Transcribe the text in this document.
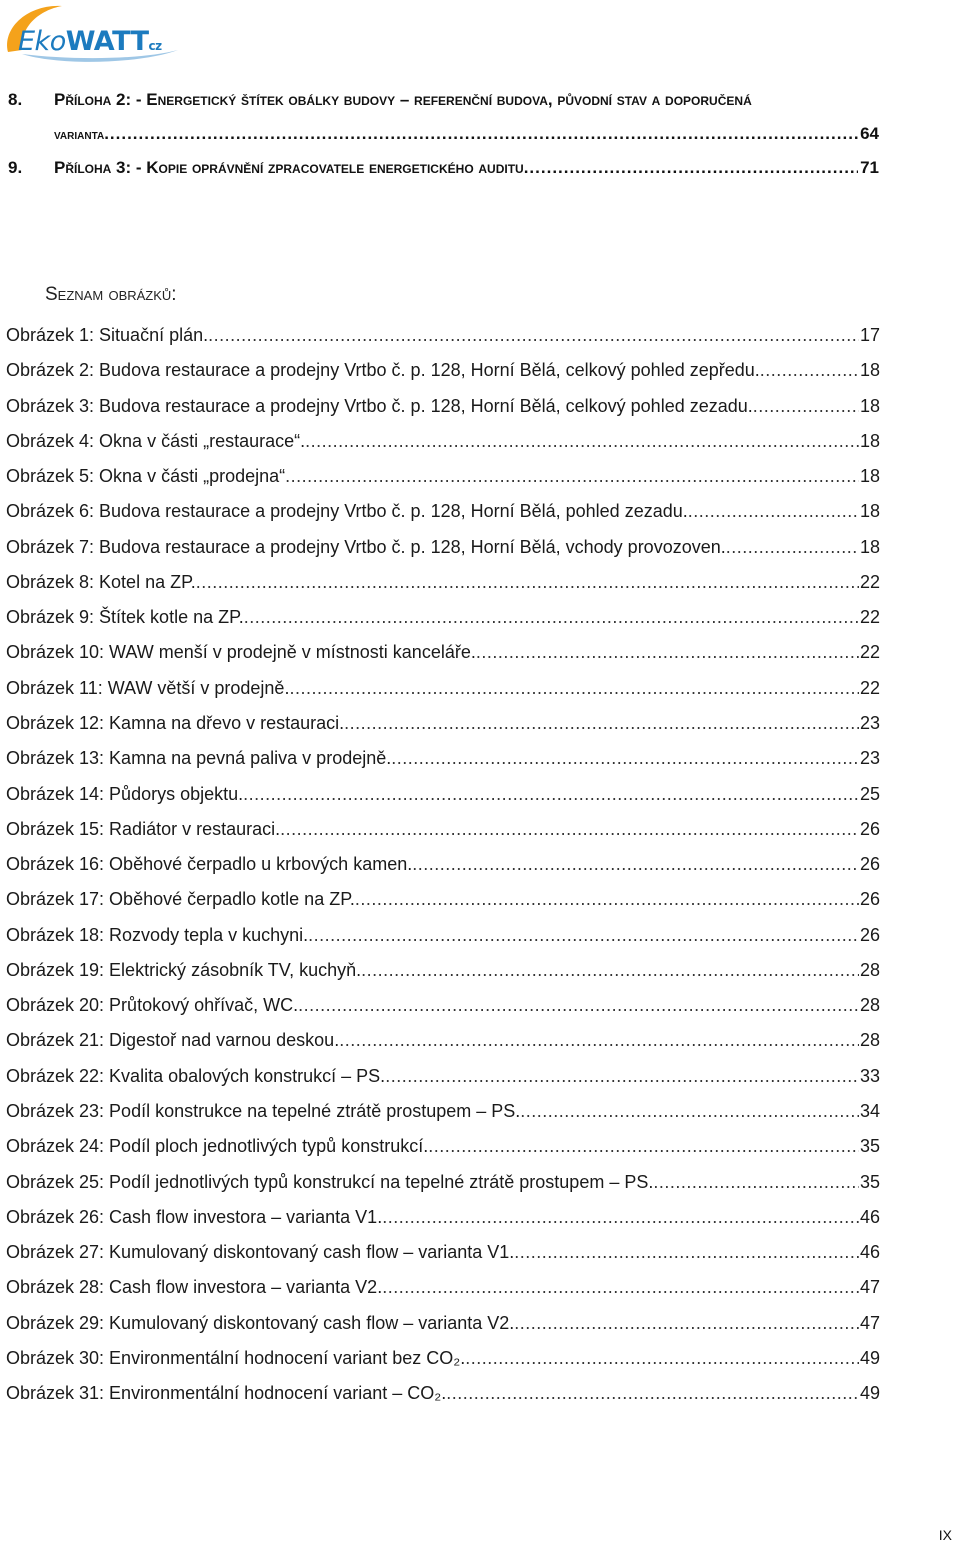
EkoWATTcz
8.	Příloha 2: - Energetický štítek obálky budovy – referenční budova, původní stav a doporučená
varianta .....	64
9.	Příloha 3: - Kopie oprávnění zpracovatele energetického auditu .....	71
Seznam obrázků:
Obrázek 1: Situační plán. .....	17
Obrázek 2: Budova restaurace a prodejny Vrtbo č. p. 128, Horní Bělá, celkový pohled zepředu. .....	18
Obrázek 3: Budova restaurace a prodejny Vrtbo č. p. 128, Horní Bělá, celkový pohled zezadu. .....	18
Obrázek 4: Okna v části „restaurace“. .....	18
Obrázek 5: Okna v části „prodejna“ .....	18
Obrázek 6: Budova restaurace a prodejny Vrtbo č. p. 128, Horní Bělá, pohled zezadu. .....	18
Obrázek 7: Budova restaurace a prodejny Vrtbo č. p. 128, Horní Bělá, vchody provozoven. .....	18
Obrázek 8: Kotel na ZP. .....	22
Obrázek 9: Štítek kotle na ZP. .....	22
Obrázek 10: WAW menší v prodejně v místnosti kanceláře. .....	22
Obrázek 11: WAW větší v prodejně. .....	22
Obrázek 12: Kamna na dřevo v restauraci. .....	23
Obrázek 13: Kamna na pevná paliva v prodejně. .....	23
Obrázek 14: Půdorys objektu. .....	25
Obrázek 15: Radiátor v restauraci. .....	26
Obrázek 16: Oběhové čerpadlo u krbových kamen. .....	26
Obrázek 17: Oběhové čerpadlo kotle na ZP. .....	26
Obrázek 18: Rozvody tepla v kuchyni. .....	26
Obrázek 19: Elektrický zásobník TV, kuchyň. .....	28
Obrázek 20: Průtokový ohřívač, WC. .....	28
Obrázek 21: Digestoř nad varnou deskou. .....	28
Obrázek 22: Kvalita obalových konstrukcí – PS. .....	33
Obrázek 23: Podíl konstrukce na tepelné ztrátě prostupem – PS. .....	34
Obrázek 24: Podíl ploch jednotlivých typů konstrukcí. .....	35
Obrázek 25: Podíl jednotlivých typů konstrukcí na tepelné ztrátě prostupem – PS. .....	35
Obrázek 26: Cash flow investora – varianta V1. .....	46
Obrázek 27: Kumulovaný diskontovaný cash flow – varianta V1. .....	46
Obrázek 28: Cash flow investora – varianta V2. .....	47
Obrázek 29: Kumulovaný diskontovaný cash flow – varianta V2. .....	47
Obrázek 30: Environmentální hodnocení variant bez CO₂. .....	49
Obrázek 31: Environmentální hodnocení variant – CO₂. .....	49
IX
